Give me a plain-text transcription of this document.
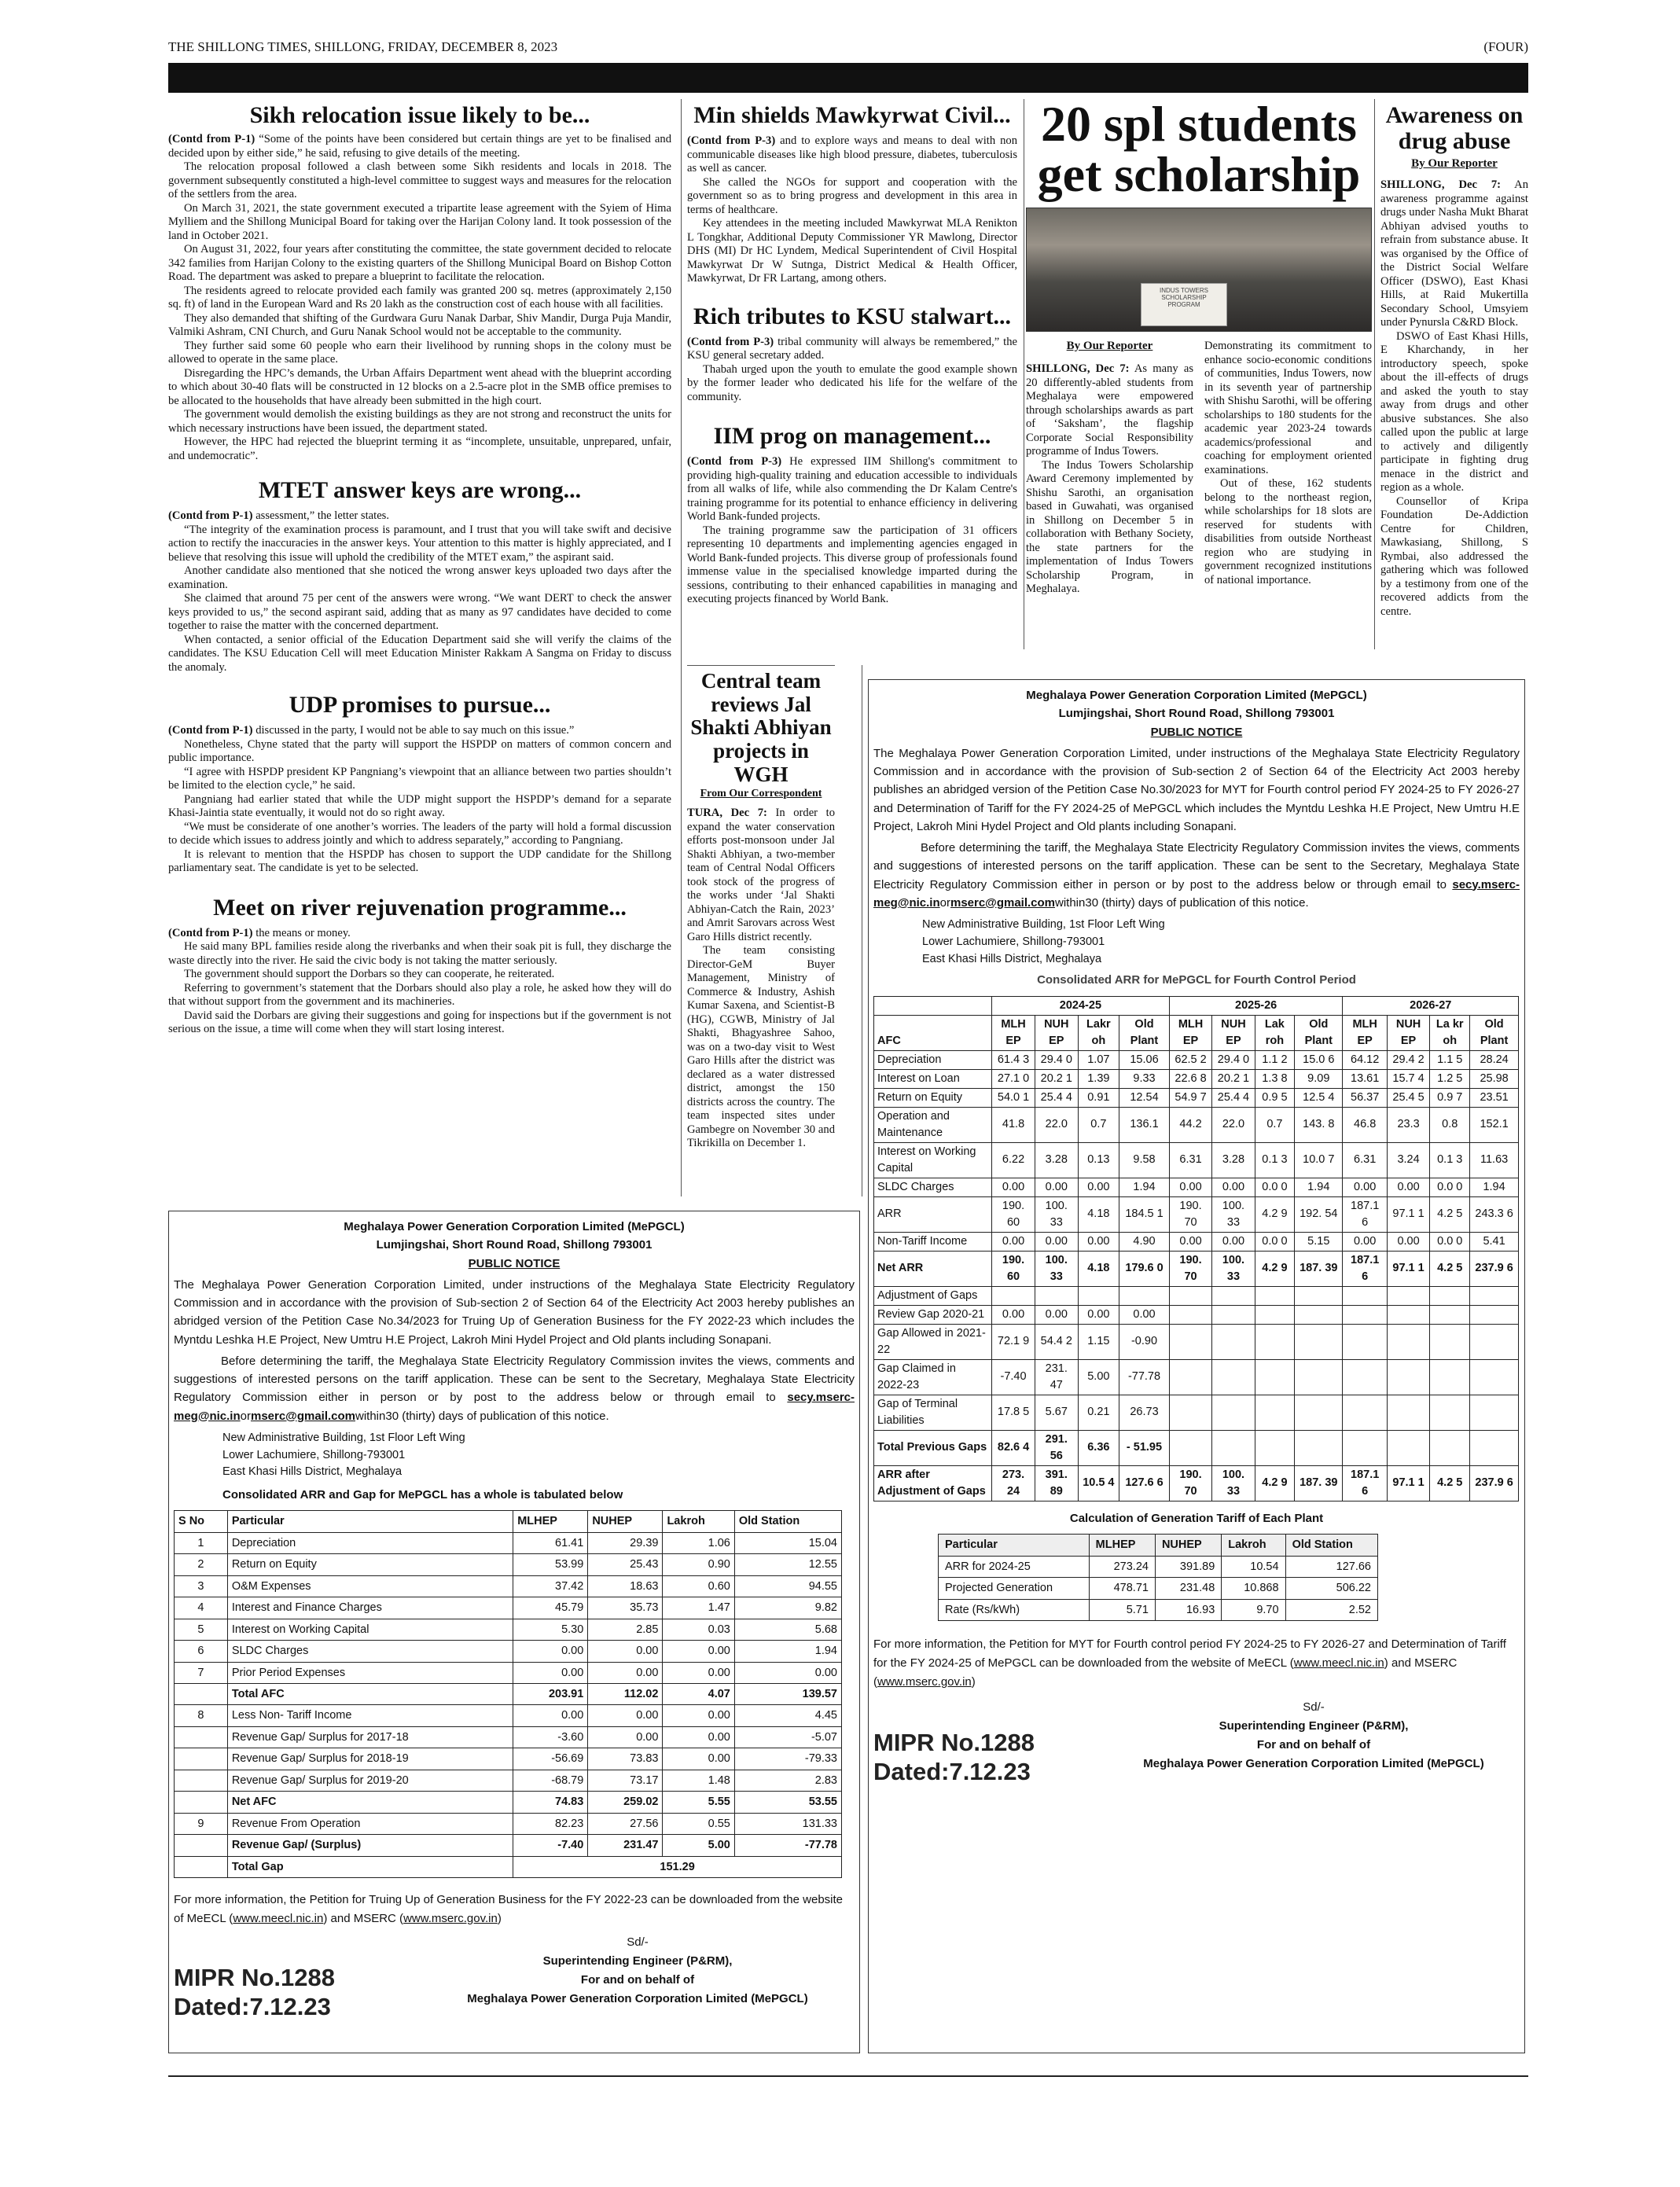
THE SHILLONG TIMES, SHILLONG, FRIDAY, DECEMBER 8, 2023	(FOUR)
Sikh relocation issue likely to be...

(Contd from P-1) “Some of the points have been considered but certain things are yet to be finalised and decided upon by either side,” he said, refusing to give details of the meeting.

The relocation proposal followed a clash between some Sikh residents and locals in 2018. The government subsequently constituted a high-level committee to suggest ways and measures for the relocation of the settlers from the area.

On March 31, 2021, the state government executed a tripartite lease agreement with the Syiem of Hima Mylliem and the Shillong Municipal Board for taking over the Harijan Colony land. It took possession of the land in October 2021.

On August 31, 2022, four years after constituting the committee, the state government decided to relocate 342 families from Harijan Colony to the existing quarters of the Shillong Municipal Board on Bishop Cotton Road. The department was asked to prepare a blueprint to facilitate the relocation.

The residents agreed to relocate provided each family was granted 200 sq. metres (approximately 2,150 sq. ft) of land in the European Ward and Rs 20 lakh as the construction cost of each house with all facilities.

They also demanded that shifting of the Gurdwara Guru Nanak Darbar, Shiv Mandir, Durga Puja Mandir, Valmiki Ashram, CNI Church, and Guru Nanak School would not be acceptable to the community.

They further said some 60 people who earn their livelihood by running shops in the colony must be allowed to operate in the same place.

Disregarding the HPC’s demands, the Urban Affairs Department went ahead with the blueprint according to which about 30-40 flats will be constructed in 12 blocks on a 2.5-acre plot in the SMB office premises to be allocated to the households that have already been submitted in the high court.

The government would demolish the existing buildings as they are not strong and reconstruct the units for which necessary instructions have been issued, the department stated.

However, the HPC had rejected the blueprint terming it as “incomplete, unsuitable, unprepared, unfair, and undemocratic”.

MTET answer keys are wrong...

(Contd from P-1) assessment,” the letter states.

“The integrity of the examination process is paramount, and I trust that you will take swift and decisive action to rectify the inaccuracies in the answer keys. Your attention to this matter is highly appreciated, and I believe that resolving this issue will uphold the credibility of the MTET exam,” the aspirant said.

Another candidate also mentioned that she noticed the wrong answer keys uploaded two days after the examination.

She claimed that around 75 per cent of the answers were wrong. “We want DERT to check the answer keys provided to us,” the second aspirant said, adding that as many as 97 candidates have decided to come together to raise the matter with the concerned department.

When contacted, a senior official of the Education Department said she will verify the claims of the candidates. The KSU Education Cell will meet Education Minister Rakkam A Sangma on Friday to discuss the anomaly.

UDP promises to pursue...

(Contd from P-1) discussed in the party, I would not be able to say much on this issue.”

Nonetheless, Chyne stated that the party will support the HSPDP on matters of common concern and public importance.

“I agree with HSPDP president KP Pangniang’s viewpoint that an alliance between two parties shouldn’t be limited to the election cycle,” he said.

Pangniang had earlier stated that while the UDP might support the HSPDP’s demand for a separate Khasi-Jaintia state eventually, it would not do so right away.

“We must be considerate of one another’s worries. The leaders of the party will hold a formal discussion to decide which issues to address jointly and which to address separately,” according to Pangniang.

It is relevant to mention that the HSPDP has chosen to support the UDP candidate for the Shillong parliamentary seat. The candidate is yet to be selected.

Meet on river rejuvenation programme...

(Contd from P-1) the means or money.

He said many BPL families reside along the riverbanks and when their soak pit is full, they discharge the waste directly into the river. He said the civic body is not taking the matter seriously.

The government should support the Dorbars so they can cooperate, he reiterated.

Referring to government’s statement that the Dorbars should also play a role, he asked how they will do that without support from the government and its machineries.

David said the Dorbars are giving their suggestions and going for inspections but if the government is not serious on the issue, a time will come when they will start losing interest.

Min shields Mawkyrwat Civil...

(Contd from P-3) and to explore ways and means to deal with non communicable diseases like high blood pressure, diabetes, tuberculosis as well as cancer.

She called the NGOs for support and cooperation with the government so as to bring progress and development in this area in terms of healthcare.

Key attendees in the meeting included Mawkyrwat MLA Renikton L Tongkhar, Additional Deputy Commissioner YR Mawlong, Director DHS (MI) Dr HC Lyndem, Medical Superintendent of Civil Hospital Mawkyrwat Dr W Sutnga, District Medical & Health Officer, Mawkyrwat, Dr FR Lartang, among others.

Rich tributes to KSU stalwart...

(Contd from P-3) tribal community will always be remembered,” the KSU general secretary added.

Thabah urged upon the youth to emulate the good example shown by the former leader who dedicated his life for the welfare of the community.

IIM prog on management...

(Contd from P-3) He expressed IIM Shillong's commitment to providing high-quality training and education accessible to individuals from all walks of life, while also commending the Dr Kalam Centre's training programme for its potential to enhance efficiency in delivering World Bank-funded projects.

The training programme saw the participation of 31 officers representing 10 departments and implementing agencies engaged in World Bank-funded projects. This diverse group of professionals found immense value in the specialised knowledge imparted during the sessions, contributing to their enhanced capabilities in managing and executing projects financed by World Bank.

20 spl students get scholarship
INDUS TOWERS SCHOLARSHIP PROGRAM
By Our Reporter

SHILLONG, Dec 7: As many as 20 differently-abled students from Meghalaya were empowered through scholarships awards as part of ‘Saksham’, the flagship Corporate Social Responsibility programme of Indus Towers.

The Indus Towers Scholarship Award Ceremony implemented by Shishu Sarothi, an organisation based in Guwahati, was organised in Shillong on December 5 in collaboration with Bethany Society, the state partners for the implementation of Indus Towers Scholarship Program, in Meghalaya.

Demonstrating its commitment to enhance socio-economic conditions of communities, Indus Towers, now in its seventh year of partnership with Shishu Sarothi, will be offering scholarships to 180 students for the academic year 2023-24 towards academics/professional and coaching for employment oriented examinations.

Out of these, 162 students belong to the northeast region, while scholarships for 18 slots are reserved for students with disabilities from outside Northeast region who are studying in government recognized institutions of national importance.

Awareness on drug abuse
By Our Reporter

SHILLONG, Dec 7: An awareness programme against drugs under Nasha Mukt Bharat Abhiyan advised youths to refrain from substance abuse. It was organised by the Office of the District Social Welfare Officer (DSWO), East Khasi Hills, at Raid Mukertilla Secondary School, Umsyiem under Pynursla C&RD Block.

DSWO of East Khasi Hills, E Kharchandy, in her introductory speech, spoke about the ill-effects of drugs and asked the youth to stay away from drugs and other abusive substances. She also called upon the public at large to actively and diligently participate in fighting drug menace in the district and region as a whole.

Counsellor of Kripa Foundation De-Addiction Centre for Children, Mawkasiang, Shillong, S Rymbai, also addressed the gathering which was followed by a testimony from one of the recovered addicts from the centre.

Central team reviews Jal Shakti Abhiyan projects in WGH
From Our Correspondent

TURA, Dec 7: In order to expand the water conservation efforts post-monsoon under Jal Shakti Abhiyan, a two-member team of Central Nodal Officers took stock of the progress of the works under ‘Jal Shakti Abhiyan-Catch the Rain, 2023’ and Amrit Sarovars across West Garo Hills district recently.

The team consisting Director-GeM Buyer Management, Ministry of Commerce & Industry, Ashish Kumar Saxena, and Scientist-B (HG), CGWB, Ministry of Jal Shakti, Bhagyashree Sahoo, was on a two-day visit to West Garo Hills after the district was declared as a water distressed district, amongst the 150 districts across the country. The team inspected sites under Gambegre on November 30 and Tikrikilla on December 1.

Meghalaya Power Generation Corporation Limited (MePGCL)
Lumjingshai, Short Round Road, Shillong 793001
PUBLIC NOTICE
The Meghalaya Power Generation Corporation Limited, under instructions of the Meghalaya State Electricity Regulatory Commission and in accordance with the provision of Sub-section 2 of Section 64 of the Electricity Act 2003 hereby publishes an abridged version of the Petition Case No.30/2023 for MYT for Fourth control period FY 2024-25 to FY 2026-27 and Determination of Tariff for the FY 2024-25 of MePGCL which includes the Myntdu Leshka H.E Project, New Umtru H.E Project, Lakroh Mini Hydel Project and Old plants including Sonapani.
Before determining the tariff, the Meghalaya State Electricity Regulatory Commission invites the views, comments and suggestions of interested persons on the tariff application. These can be sent to the Secretary, Meghalaya State Electricity Regulatory Commission either in person or by post to the address below or through email to secy.mserc-meg@nic.inormserc@gmail.comwithin30 (thirty) days of publication of this notice.
New Administrative Building, 1st Floor Left Wing
Lower Lachumiere, Shillong-793001
East Khasi Hills District, Meghalaya
Consolidated ARR for MePGCL for Fourth Control Period
	2024-25				2025-26				2026-27			
AFC	MLH EP	NUH EP	Lakr oh	Old Plant	MLH EP	NUH EP	Lak roh	Old Plant	MLH EP	NUH EP	La kr oh	Old Plant
Depreciation	61.4 3	29.4 0	1.07	15.06	62.5 2	29.4 0	1.1 2	15.0 6	64.12	29.4 2	1.1 5	28.24
Interest on Loan	27.1 0	20.2 1	1.39	9.33	22.6 8	20.2 1	1.3 8	9.09	13.61	15.7 4	1.2 5	25.98
Return on Equity	54.0 1	25.4 4	0.91	12.54	54.9 7	25.4 4	0.9 5	12.5 4	56.37	25.4 5	0.9 7	23.51
Operation and Maintenance	41.8	22.0	0.7	136.1	44.2	22.0	0.7	143. 8	46.8	23.3	0.8	152.1
Interest on Working Capital	6.22	3.28	0.13	9.58	6.31	3.28	0.1 3	10.0 7	6.31	3.24	0.1 3	11.63
SLDC Charges	0.00	0.00	0.00	1.94	0.00	0.00	0.0 0	1.94	0.00	0.00	0.0 0	1.94
ARR	190. 60	100. 33	4.18	184.5 1	190. 70	100. 33	4.2 9	192. 54	187.1 6	97.1 1	4.2 5	243.3 6
Non-Tariff Income	0.00	0.00	0.00	4.90	0.00	0.00	0.0 0	5.15	0.00	0.00	0.0 0	5.41
Net ARR	190. 60	100. 33	4.18	179.6 0	190. 70	100. 33	4.2 9	187. 39	187.1 6	97.1 1	4.2 5	237.9 6
Adjustment of Gaps												
Review Gap 2020-21	0.00	0.00	0.00	0.00								
Gap Allowed in 2021-22	72.1 9	54.4 2	1.15	-0.90								
Gap Claimed in 2022-23	-7.40	231. 47	5.00	-77.78								
Gap of Terminal Liabilities	17.8 5	5.67	0.21	26.73								
Total Previous Gaps	82.6 4	291. 56	6.36	- 51.95								
ARR after Adjustment of Gaps	273. 24	391. 89	10.5 4	127.6 6	190. 70	100. 33	4.2 9	187. 39	187.1 6	97.1 1	4.2 5	237.9 6
Calculation of Generation Tariff of Each Plant
Particular	MLHEP	NUHEP	Lakroh	Old Station
ARR for 2024-25	273.24	391.89	10.54	127.66
Projected Generation	478.71	231.48	10.868	506.22
Rate (Rs/kWh)	5.71	16.93	9.70	2.52
For more information, the Petition for MYT for Fourth control period FY 2024-25 to FY 2026-27 and Determination of Tariff for the FY 2024-25 of MePGCL can be downloaded from the website of MeECL (www.meecl.nic.in) and MSERC (www.mserc.gov.in)
Sd/-
Superintending Engineer (P&RM),
For and on behalf of
Meghalaya Power Generation Corporation Limited (MePGCL)
MIPR No.1288
Dated:7.12.23
Meghalaya Power Generation Corporation Limited (MePGCL)
Lumjingshai, Short Round Road, Shillong 793001
PUBLIC NOTICE
The Meghalaya Power Generation Corporation Limited, under instructions of the Meghalaya State Electricity Regulatory Commission and in accordance with the provision of Sub-section 2 of Section 64 of the Electricity Act 2003 hereby publishes an abridged version of the Petition Case No.34/2023 for Truing Up of Generation Business for the FY 2022-23 which includes the Myntdu Leshka H.E Project, New Umtru H.E Project, Lakroh Mini Hydel Project and Old plants including Sonapani.
Before determining the tariff, the Meghalaya State Electricity Regulatory Commission invites the views, comments and suggestions of interested persons on the tariff application. These can be sent to the Secretary, Meghalaya State Electricity Regulatory Commission either in person or by post to the address below or through email to secy.mserc-meg@nic.inormserc@gmail.comwithin30 (thirty) days of publication of this notice.
New Administrative Building, 1st Floor Left Wing
Lower Lachumiere, Shillong-793001
East Khasi Hills District, Meghalaya
Consolidated ARR and Gap for MePGCL has a whole is tabulated below
S No	Particular	MLHEP	NUHEP	Lakroh	Old Station
1	Depreciation	61.41	29.39	1.06	15.04
2	Return on Equity	53.99	25.43	0.90	12.55
3	O&M Expenses	37.42	18.63	0.60	94.55
4	Interest and Finance Charges	45.79	35.73	1.47	9.82
5	Interest on Working Capital	5.30	2.85	0.03	5.68
6	SLDC Charges	0.00	0.00	0.00	1.94
7	Prior Period Expenses	0.00	0.00	0.00	0.00
	Total AFC	203.91	112.02	4.07	139.57
8	Less Non- Tariff Income	0.00	0.00	0.00	4.45
	Revenue Gap/ Surplus for 2017-18	-3.60	0.00	0.00	-5.07
	Revenue Gap/ Surplus for 2018-19	-56.69	73.83	0.00	-79.33
	Revenue Gap/ Surplus for 2019-20	-68.79	73.17	1.48	2.83
	Net AFC	74.83	259.02	5.55	53.55
9	Revenue From Operation	82.23	27.56	0.55	131.33
	Revenue Gap/ (Surplus)	-7.40	231.47	5.00	-77.78
	Total Gap	151.29			
For more information, the Petition for Truing Up of Generation Business for the FY 2022-23 can be downloaded from the website of MeECL (www.meecl.nic.in) and MSERC (www.mserc.gov.in)
Sd/-
Superintending Engineer (P&RM),
For and on behalf of
Meghalaya Power Generation Corporation Limited (MePGCL)
MIPR No.1288
Dated:7.12.23
